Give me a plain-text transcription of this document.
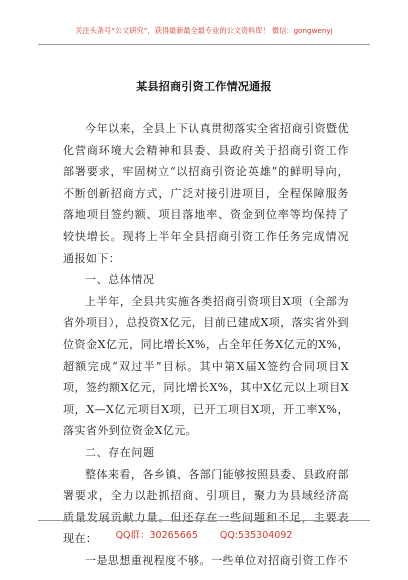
关注头条号“公文研究”，获得最新最全最专业的公文资料库！ 微信：gongwenyj
某县招商引资工作情况通报

今年以来，全县上下认真贯彻落实全省招商引资暨优化营商环境大会精神和县委、县政府关于招商引资工作部署要求，牢固树立“以招商引资论英雄”的鲜明导向，不断创新招商方式，广泛对接引进项目，全程保障服务落地项目签约额、项目落地率、资金到位率等均保持了较快增长。现将上半年全县招商引资工作任务完成情况通报如下：

一、总体情况

上半年，全县共实施各类招商引资项目X项（全部为省外项目），总投资X亿元，目前已建成X项，落实省外到位资金X亿元，同比增长X%，占全年任务X亿元的X%，超额完成“双过半”目标。其中第X届X签约合同项目X项，签约额X亿元，同比增长X%，其中X亿元以上项目X项，X—X亿元项目X项，已开工项目X项，开工率X%，落实省外到位资金X亿元。

二、存在问题

整体来看，各乡镇、各部门能够按照县委、县政府部署要求，全力以赴抓招商、引项目，聚力为县域经济高质量发展贡献力量。但还存在一些问题和不足，主要表现在：

一是思想重视程度不够。一些单位对招商引资工作不

QQ群：30265665 QQ:535304092
